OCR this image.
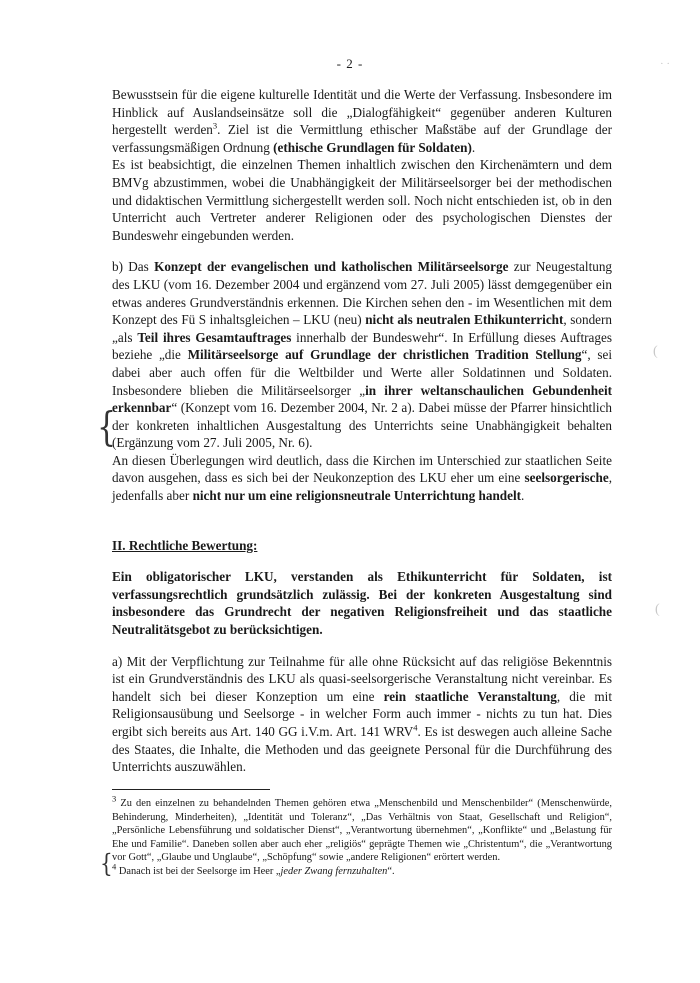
- 2 -

Bewusstsein für die eigene kulturelle Identität und die Werte der Verfassung. Insbesondere im Hinblick auf Auslandseinsätze soll die „Dialogfähigkeit“ gegenüber anderen Kulturen hergestellt werden$^3$. Ziel ist die Vermittlung ethischer Maßstäbe auf der Grundlage der verfassungsmäßigen Ordnung (ethische Grundlagen für Soldaten).

Es ist beabsichtigt, die einzelnen Themen inhaltlich zwischen den Kirchenämtern und dem BMVg abzustimmen, wobei die Unabhängigkeit der Militärseelsorger bei der methodischen und didaktischen Vermittlung sichergestellt werden soll. Noch nicht entschieden ist, ob in den Unterricht auch Vertreter anderer Religionen oder des psychologischen Dienstes der Bundeswehr eingebunden werden.

b) Das Konzept der evangelischen und katholischen Militärseelsorge zur Neugestaltung des LKU (vom 16. Dezember 2004 und ergänzend vom 27. Juli 2005) lässt demgegenüber ein etwas anderes Grundverständnis erkennen. Die Kirchen sehen den - im Wesentlichen mit dem Konzept des Fü S inhaltsgleichen – LKU (neu) nicht als neutralen Ethikunterricht, sondern „als Teil ihres Gesamtauftrages innerhalb der Bundeswehr“. In Erfüllung dieses Auftrages beziehe „die Militärseelsorge auf Grundlage der christlichen Tradition Stellung“, sei dabei aber auch offen für die Weltbilder und Werte aller Soldatinnen und Soldaten. Insbesondere blieben die Militärseelsorger „in ihrer weltanschaulichen Gebundenheit erkennbar“ (Konzept vom 16. Dezember 2004, Nr. 2 a). Dabei müsse der Pfarrer hinsichtlich der konkreten inhaltlichen Ausgestaltung des Unterrichts seine Unabhängigkeit behalten (Ergänzung vom 27. Juli 2005, Nr. 6).

An diesen Überlegungen wird deutlich, dass die Kirchen im Unterschied zur staatlichen Seite davon ausgehen, dass es sich bei der Neukonzeption des LKU eher um eine seelsorgerische, jedenfalls aber nicht nur um eine religionsneutrale Unterrichtung handelt.

II. Rechtliche Bewertung:

Ein obligatorischer LKU, verstanden als Ethikunterricht für Soldaten, ist verfassungsrechtlich grundsätzlich zulässig. Bei der konkreten Ausgestaltung sind insbesondere das Grundrecht der negativen Religionsfreiheit und das staatliche Neutralitätsgebot zu berücksichtigen.

a) Mit der Verpflichtung zur Teilnahme für alle ohne Rücksicht auf das religiöse Bekenntnis ist ein Grundverständnis des LKU als quasi-seelsorgerische Veranstaltung nicht vereinbar. Es handelt sich bei dieser Konzeption um eine rein staatliche Veranstaltung, die mit Religionsausübung und Seelsorge - in welcher Form auch immer - nichts zu tun hat. Dies ergibt sich bereits aus Art. 140 GG i.V.m. Art. 141 WRV$^4$. Es ist deswegen auch alleine Sache des Staates, die Inhalte, die Methoden und das geeignete Personal für die Durchführung des Unterrichts auszuwählen.

$^3$ Zu den einzelnen zu behandelnden Themen gehören etwa „Menschenbild und Menschenbilder“ (Menschenwürde, Behinderung, Minderheiten), „Identität und Toleranz“, „Das Verhältnis von Staat, Gesellschaft und Religion“, „Persönliche Lebensführung und soldatischer Dienst“, „Verantwortung übernehmen“, „Konflikte“ und „Belastung für Ehe und Familie“. Daneben sollen aber auch eher „religiös“ geprägte Themen wie „Christentum“, die „Verantwortung vor Gott“, „Glaube und Unglaube“, „Schöpfung“ sowie „andere Religionen“ erörtert werden.

$^4$ Danach ist bei der Seelsorge im Heer „jeder Zwang fernzuhalten“.

{
{
(
(
· ·
